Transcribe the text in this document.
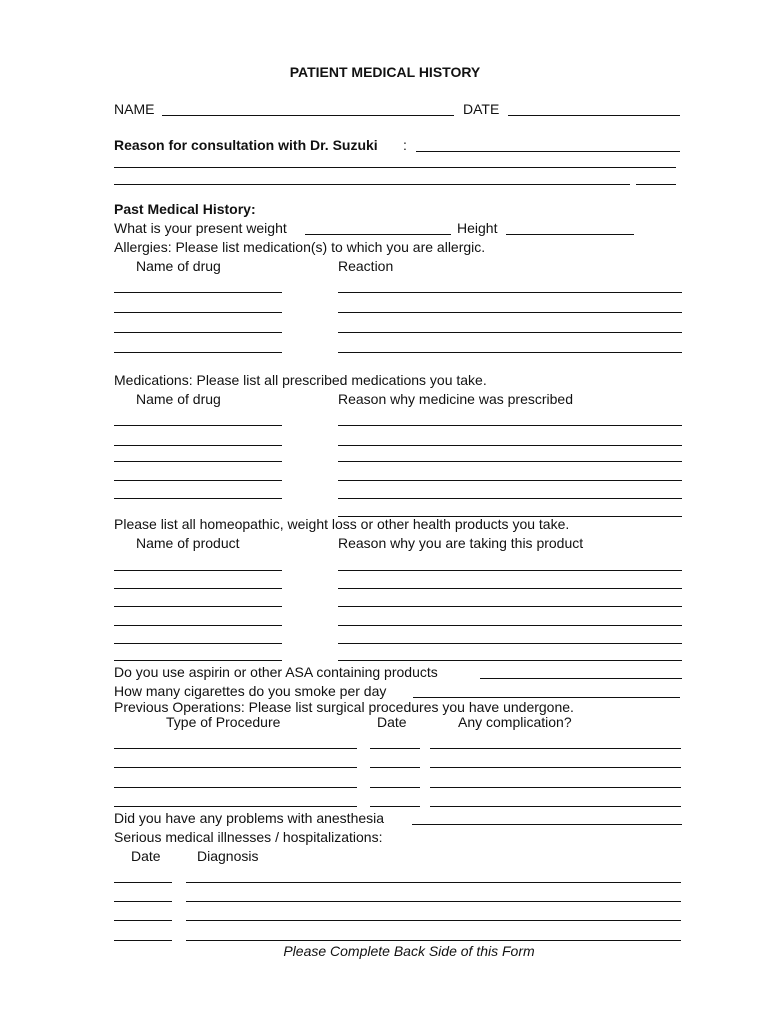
PATIENT MEDICAL HISTORY
NAME	DATE
Reason for consultation with Dr. Suzuki :
Past Medical History:
What is your present weight	Height
Allergies: Please list medication(s) to which you are allergic.
Name of drug	Reaction
Medications: Please list all prescribed medications you take.
Name of drug	Reason why medicine was prescribed
Please list all homeopathic, weight loss or other health products you take.
Name of product	Reason why you are taking this product
Do you use aspirin or other ASA containing products
How many cigarettes do you smoke per day
Previous Operations: Please list surgical procedures you have undergone.
Type of Procedure	Date	Any complication?
Did you have any problems with anesthesia
Serious medical illnesses / hospitalizations:
Date	Diagnosis
Please Complete Back Side of this Form
